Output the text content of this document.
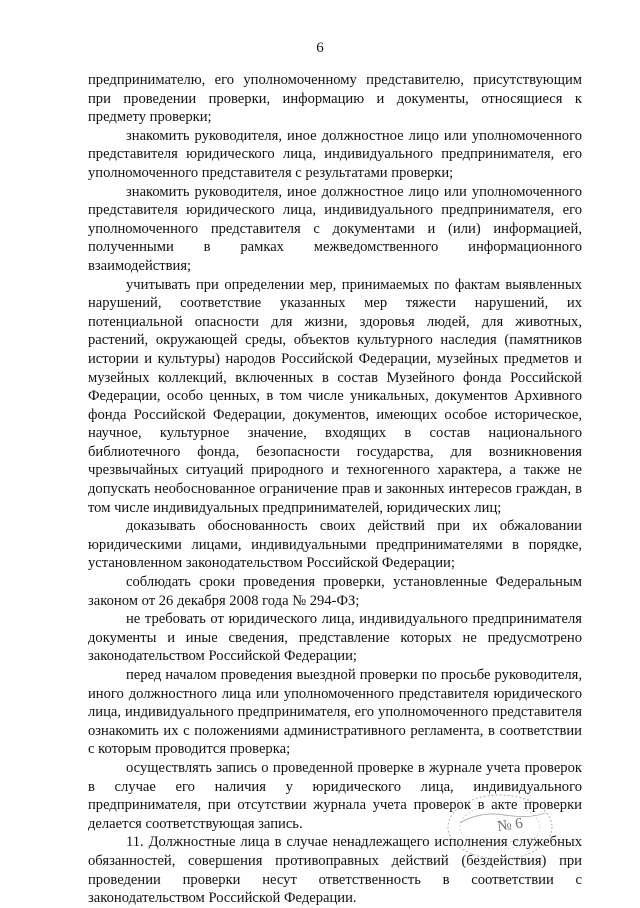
6

предпринимателю, его уполномоченному представителю, присутствующим при проведении проверки, информацию и документы, относящиеся к предмету проверки;

знакомить руководителя, иное должностное лицо или уполномоченного представителя юридического лица, индивидуального предпринимателя, его уполномоченного представителя с результатами проверки;

знакомить руководителя, иное должностное лицо или уполномоченного представителя юридического лица, индивидуального предпринимателя, его уполномоченного представителя с документами и (или) информацией, полученными в рамках межведомственного информационного взаимодействия;

учитывать при определении мер, принимаемых по фактам выявленных нарушений, соответствие указанных мер тяжести нарушений, их потенциальной опасности для жизни, здоровья людей, для животных, растений, окружающей среды, объектов культурного наследия (памятников истории и культуры) народов Российской Федерации, музейных предметов и музейных коллекций, включенных в состав Музейного фонда Российской Федерации, особо ценных, в том числе уникальных, документов Архивного фонда Российской Федерации, документов, имеющих особое историческое, научное, культурное значение, входящих в состав национального библиотечного фонда, безопасности государства, для возникновения чрезвычайных ситуаций природного и техногенного характера, а также не допускать необоснованное ограничение прав и законных интересов граждан, в том числе индивидуальных предпринимателей, юридических лиц;

доказывать обоснованность своих действий при их обжаловании юридическими лицами, индивидуальными предпринимателями в порядке, установленном законодательством Российской Федерации;

соблюдать сроки проведения проверки, установленные Федеральным законом от 26 декабря 2008 года № 294-ФЗ;

не требовать от юридического лица, индивидуального предпринимателя документы и иные сведения, представление которых не предусмотрено законодательством Российской Федерации;

перед началом проведения выездной проверки по просьбе руководителя, иного должностного лица или уполномоченного представителя юридического лица, индивидуального предпринимателя, его уполномоченного представителя ознакомить их с положениями административного регламента, в соответствии с которым проводится проверка;

осуществлять запись о проведенной проверке в журнале учета проверок в случае его наличия у юридического лица, индивидуального предпринимателя, при отсутствии журнала учета проверок в акте проверки делается соответствующая запись.

11. Должностные лица в случае ненадлежащего исполнения служебных обязанностей, совершения противоправных действий (бездействия) при проведении проверки несут ответственность в соответствии с законодательством Российской Федерации.

№ 6
